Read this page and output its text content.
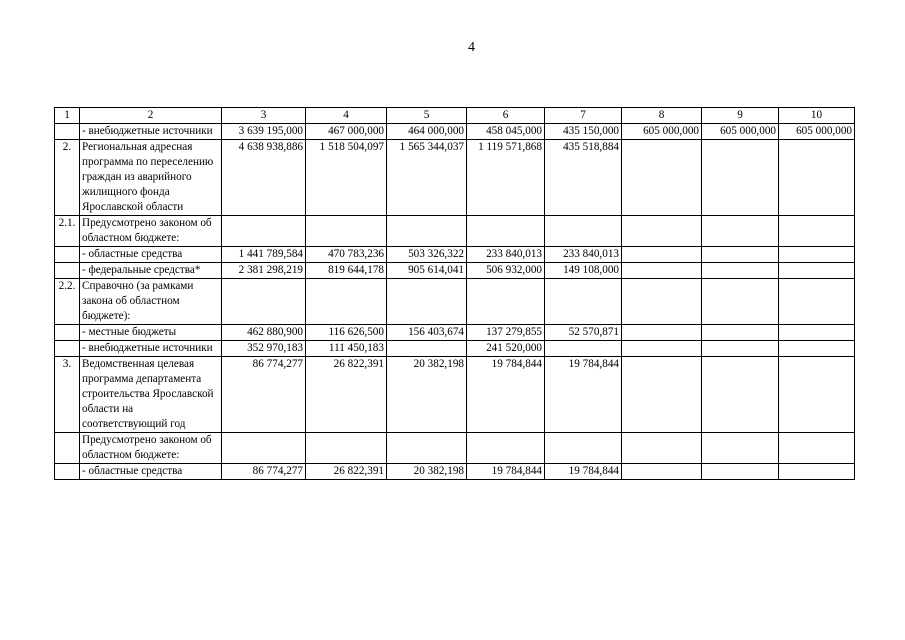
4
1	2	3	4	5	6	7	8	9	10
	- внебюджетные источники	3 639 195,000	467 000,000	464 000,000	458 045,000	435 150,000	605 000,000	605 000,000	605 000,000
2.	Региональная адресная программа по переселению граждан из аварийного жилищного фонда Ярославской области	4 638 938,886	1 518 504,097	1 565 344,037	1 119 571,868	435 518,884			
2.1.	Предусмотрено законом об областном бюджете:								
	- областные средства	1 441 789,584	470 783,236	503 326,322	233 840,013	233 840,013			
	- федеральные средства*	2 381 298,219	819 644,178	905 614,041	506 932,000	149 108,000			
2.2.	Справочно (за рамками закона об областном бюджете):								
	- местные бюджеты	462 880,900	116 626,500	156 403,674	137 279,855	52 570,871			
	- внебюджетные источники	352 970,183	111 450,183		241 520,000				
3.	Ведомственная целевая программа департамента строительства Ярославской области на соответствующий год	86 774,277	26 822,391	20 382,198	19 784,844	19 784,844			
	Предусмотрено законом об областном бюджете:								
	- областные средства	86 774,277	26 822,391	20 382,198	19 784,844	19 784,844			
